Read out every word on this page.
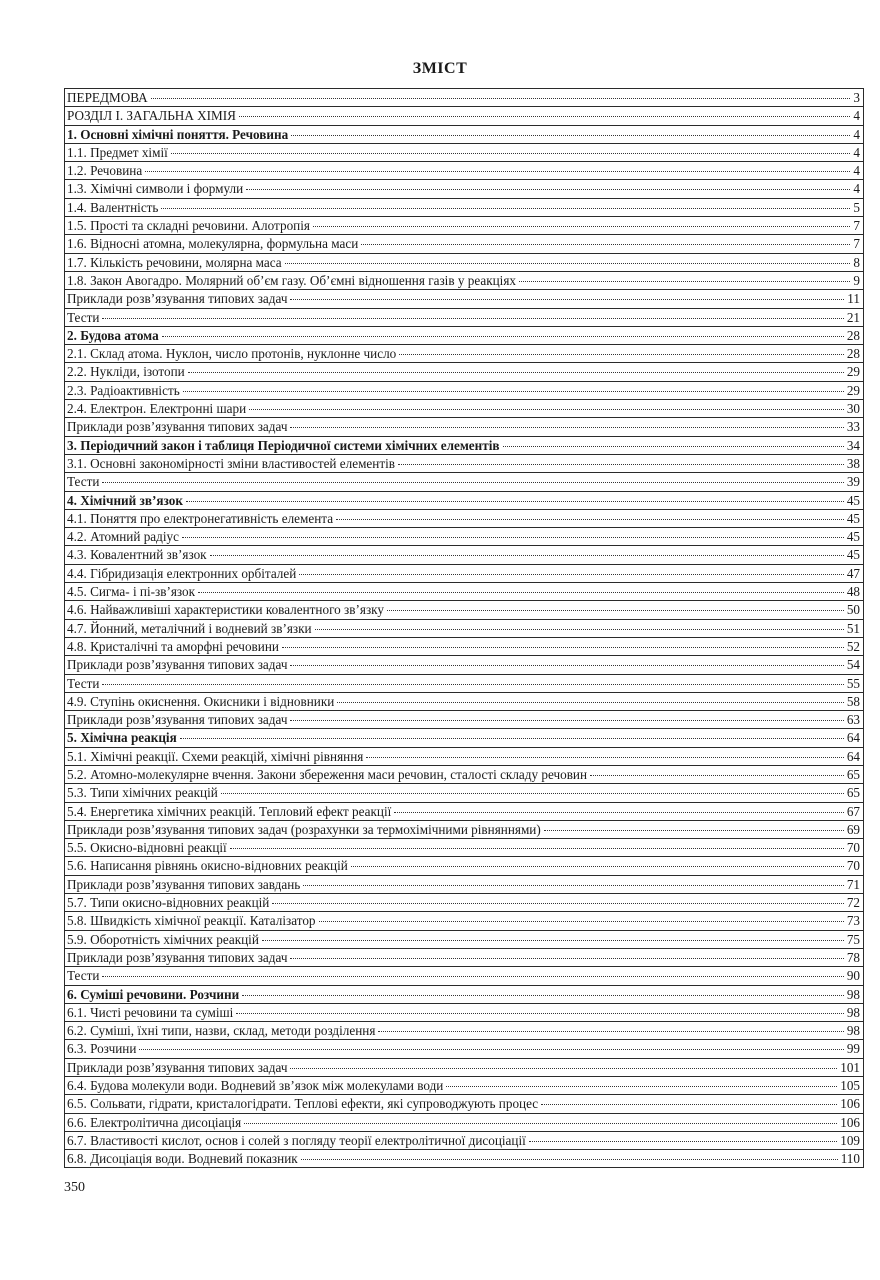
ЗМІСТ
ПЕРЕДМОВА	3
РОЗДІЛ I. ЗАГАЛЬНА ХІМІЯ	4
1. Основні хімічні поняття. Речовина	4
1.1. Предмет хімії	4
1.2. Речовина	4
1.3. Хімічні символи і формули	4
1.4. Валентність	5
1.5. Прості та складні речовини. Алотропія	7
1.6. Відносні атомна, молекулярна, формульна маси	7
1.7. Кількість речовини, молярна маса	8
1.8. Закон Авогадро. Молярний об’єм газу. Об’ємні відношення газів у реакціях	9
Приклади розв’язування типових задач	11
Тести	21
2. Будова атома	28
2.1. Склад атома. Нуклон, число протонів, нуклонне число	28
2.2. Нукліди, ізотопи	29
2.3. Радіоактивність	29
2.4. Електрон. Електронні шари	30
Приклади розв’язування типових задач	33
3. Періодичний закон і таблиця Періодичної системи хімічних елементів	34
3.1. Основні закономірності зміни властивостей елементів	38
Тести	39
4. Хімічний зв’язок	45
4.1. Поняття про електронегативність елемента	45
4.2. Атомний радіус	45
4.3. Ковалентний зв’язок	45
4.4. Гібридизація електронних орбіталей	47
4.5. Сигма- і пі-зв’язок	48
4.6. Найважливіші характеристики ковалентного зв’язку	50
4.7. Йонний, металічний і водневий зв’язки	51
4.8. Кристалічні та аморфні речовини	52
Приклади розв’язування типових задач	54
Тести	55
4.9. Ступінь окиснення. Окисники і відновники	58
Приклади розв’язування типових задач	63
5. Хімічна реакція	64
5.1. Хімічні реакції. Схеми реакцій, хімічні рівняння	64
5.2. Атомно-молекулярне вчення. Закони збереження маси речовин, сталості складу речовин	65
5.3. Типи хімічних реакцій	65
5.4. Енергетика хімічних реакцій. Тепловий ефект реакції	67
Приклади розв’язування типових задач (розрахунки за термохімічними рівняннями)	69
5.5. Окисно-відновні реакції	70
5.6. Написання рівнянь окисно-відновних реакцій	70
Приклади розв’язування типових завдань	71
5.7. Типи окисно-відновних реакцій	72
5.8. Швидкість хімічної реакції. Каталізатор	73
5.9. Оборотність хімічних реакцій	75
Приклади розв’язування типових задач	78
Тести	90
6. Суміші речовини. Розчини	98
6.1. Чисті речовини та суміші	98
6.2. Суміші, їхні типи, назви, склад, методи розділення	98
6.3. Розчини	99
Приклади розв’язування типових задач	101
6.4. Будова молекули води. Водневий зв’язок між молекулами води	105
6.5. Сольвати, гідрати, кристалогідрати. Теплові ефекти, які супроводжують процес	106
6.6. Електролітична дисоціація	106
6.7. Властивості кислот, основ і солей з погляду теорії електролітичної дисоціації	109
6.8. Дисоціація води. Водневий показник	110
350
